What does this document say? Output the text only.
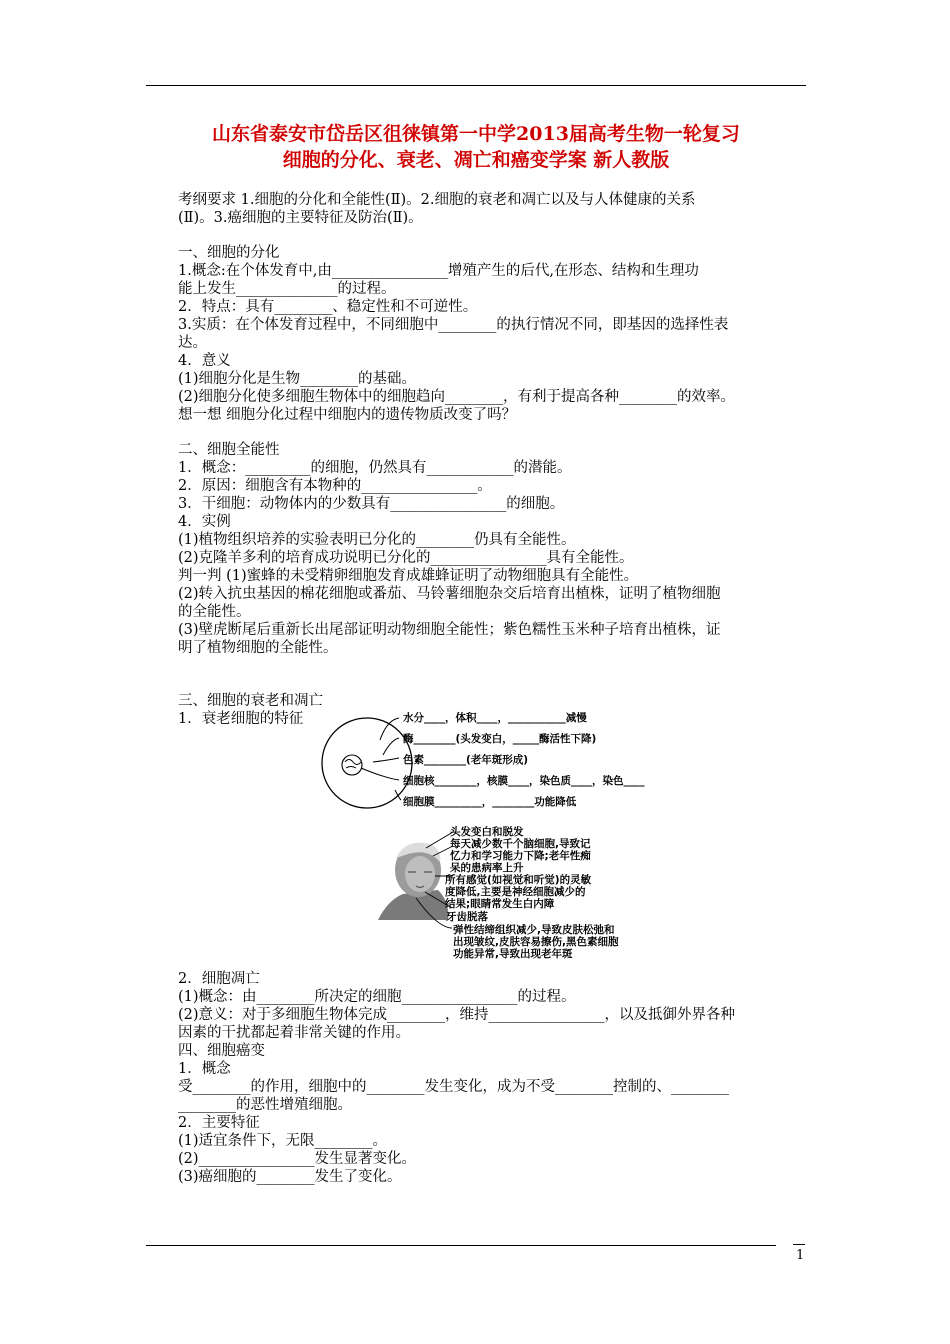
山东省泰安市岱岳区徂徕镇第一中学2013届高考生物一轮复习
细胞的分化、衰老、凋亡和癌变学案 新人教版
考纲要求 1.细胞的分化和全能性(Ⅱ)。2.细胞的衰老和凋亡以及与人体健康的关系
(Ⅱ)。3.癌细胞的主要特征及防治(Ⅱ)。
一、细胞的分化
1.概念:在个体发育中,由________________增殖产生的后代,在形态、结构和生理功
能上发生______________的过程。
2．特点：具有________、稳定性和不可逆性。
3.实质：在个体发育过程中，不同细胞中________的执行情况不同，即基因的选择性表
达。
4．意义
(1)细胞分化是生物________的基础。
(2)细胞分化使多细胞生物体中的细胞趋向________，有利于提高各种________的效率。
想一想 细胞分化过程中细胞内的遗传物质改变了吗？
二、细胞全能性
1．概念：_________的细胞，仍然具有____________的潜能。
2．原因：细胞含有本物种的________________。
3．干细胞：动物体内的少数具有________________的细胞。
4．实例
(1)植物组织培养的实验表明已分化的________仍具有全能性。
(2)克隆羊多利的培育成功说明已分化的________________具有全能性。
判一判 (1)蜜蜂的未受精卵细胞发育成雄蜂证明了动物细胞具有全能性。
(2)转入抗虫基因的棉花细胞或番茄、马铃薯细胞杂交后培育出植株，证明了植物细胞
的全能性。
(3)壁虎断尾后重新长出尾部证明动物细胞全能性；紫色糯性玉米种子培育出植株，证
明了植物细胞的全能性。
三、细胞的衰老和凋亡
1．衰老细胞的特征	水分____，体积____，___________减慢
酶________(头发变白，_____酶活性下降)
色素________(老年斑形成)
细胞核________，核膜____，染色质____，染色____
细胞膜_________，________功能降低
头发变白和脱发
每天减少数千个脑细胞,导致记
忆力和学习能力下降;老年性痴
呆的患病率上升
所有感觉(如视觉和听觉)的灵敏
度降低,主要是神经细胞减少的
结果;眼睛常发生白内障
牙齿脱落
弹性结缔组织减少,导致皮肤松弛和
出现皱纹,皮肤容易擦伤,黑色素细胞
功能异常,导致出现老年斑
2．细胞凋亡
(1)概念：由________所决定的细胞________________的过程。
(2)意义：对于多细胞生物体完成________，维持________________，以及抵御外界各种
因素的干扰都起着非常关键的作用。
四、细胞癌变
1．概念
受________的作用，细胞中的________发生变化，成为不受________控制的、________
________的恶性增殖细胞。
2．主要特征
(1)适宜条件下，无限________。
(2)________________发生显著变化。
(3)癌细胞的________发生了变化。
1
